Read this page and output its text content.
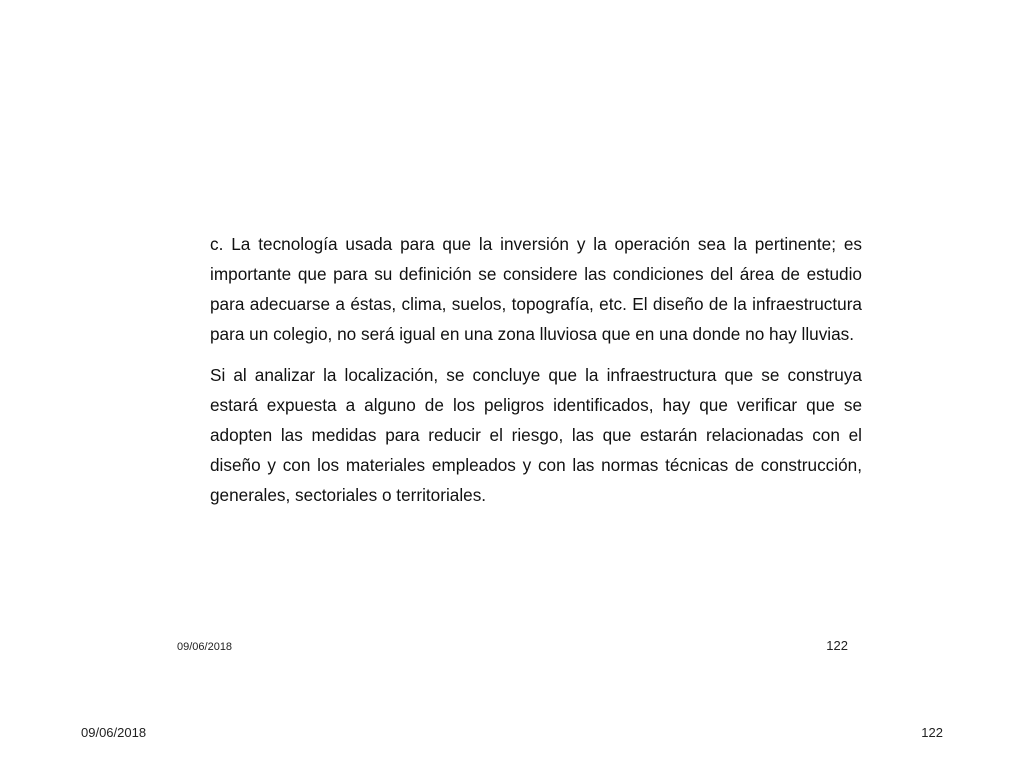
c. La tecnología usada para que la inversión y la operación sea la pertinente; es importante que para su definición se considere las condiciones del área de estudio para adecuarse a éstas, clima, suelos, topografía, etc. El diseño de la infraestructura para un colegio, no será igual en una zona lluviosa que en una donde no hay lluvias.

Si al analizar la localización, se concluye que la infraestructura que se construya estará expuesta a alguno de los peligros identificados, hay que verificar que se adopten las medidas para reducir el riesgo, las que estarán relacionadas con el diseño y con los materiales empleados y con las normas técnicas de construcción, generales, sectoriales o territoriales.

09/06/2018	122
09/06/2018	122
